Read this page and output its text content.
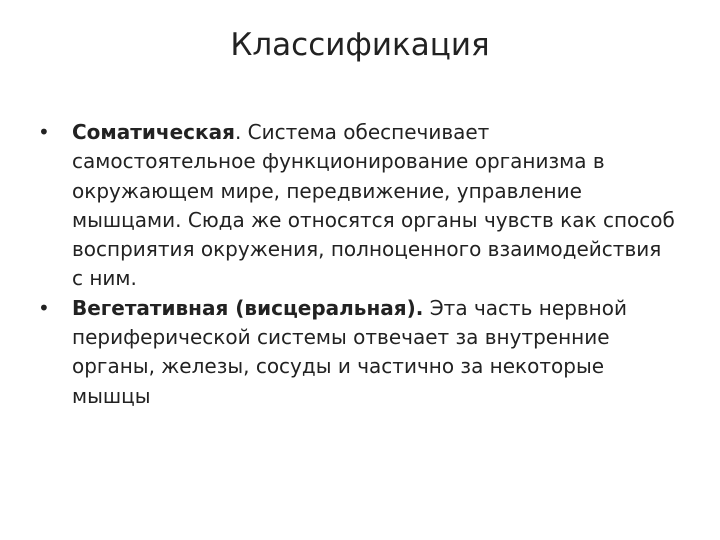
Классификация
•	Соматическая. Система обеспечивает самостоятельное функционирование организма в окружающем мире, передвижение, управление мышцами. Сюда же относятся органы чувств как способ восприятия окружения, полноценного взаимодействия с ним.
•	Вегетативная (висцеральная). Эта часть нервной периферической системы отвечает за внутренние органы, железы, сосуды и частично за некоторые мышцы
